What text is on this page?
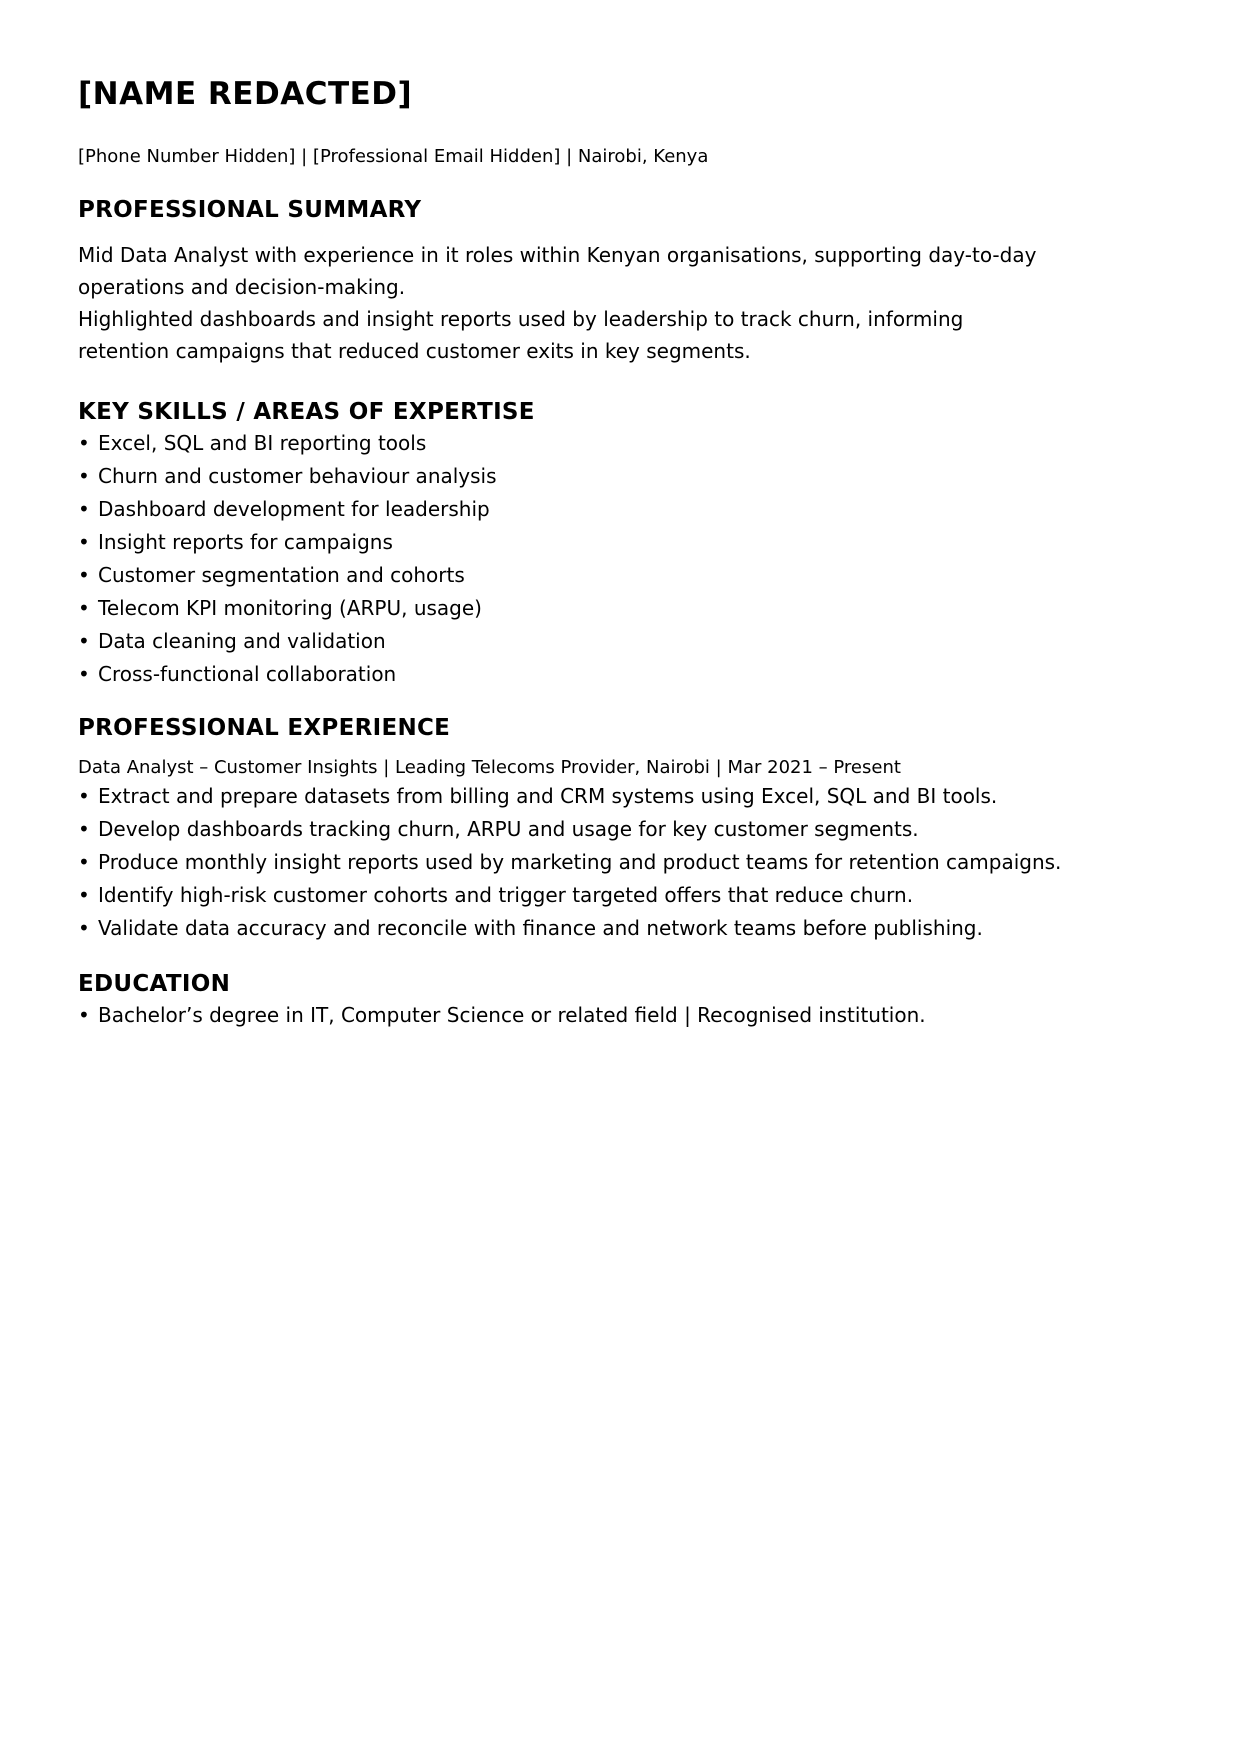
[NAME REDACTED]
[Phone Number Hidden] | [Professional Email Hidden] | Nairobi, Kenya
PROFESSIONAL SUMMARY
Mid Data Analyst with experience in it roles within Kenyan organisations, supporting day-to-day
operations and decision-making.
Highlighted dashboards and insight reports used by leadership to track churn, informing
retention campaigns that reduced customer exits in key segments.
KEY SKILLS / AREAS OF EXPERTISE
•Excel, SQL and BI reporting tools
•Churn and customer behaviour analysis
•Dashboard development for leadership
•Insight reports for campaigns
•Customer segmentation and cohorts
•Telecom KPI monitoring (ARPU, usage)
•Data cleaning and validation
•Cross-functional collaboration
PROFESSIONAL EXPERIENCE
Data Analyst – Customer Insights | Leading Telecoms Provider, Nairobi | Mar 2021 – Present
•Extract and prepare datasets from billing and CRM systems using Excel, SQL and BI tools.
•Develop dashboards tracking churn, ARPU and usage for key customer segments.
•Produce monthly insight reports used by marketing and product teams for retention campaigns.
•Identify high-risk customer cohorts and trigger targeted offers that reduce churn.
•Validate data accuracy and reconcile with finance and network teams before publishing.
EDUCATION
•Bachelor’s degree in IT, Computer Science or related field | Recognised institution.
